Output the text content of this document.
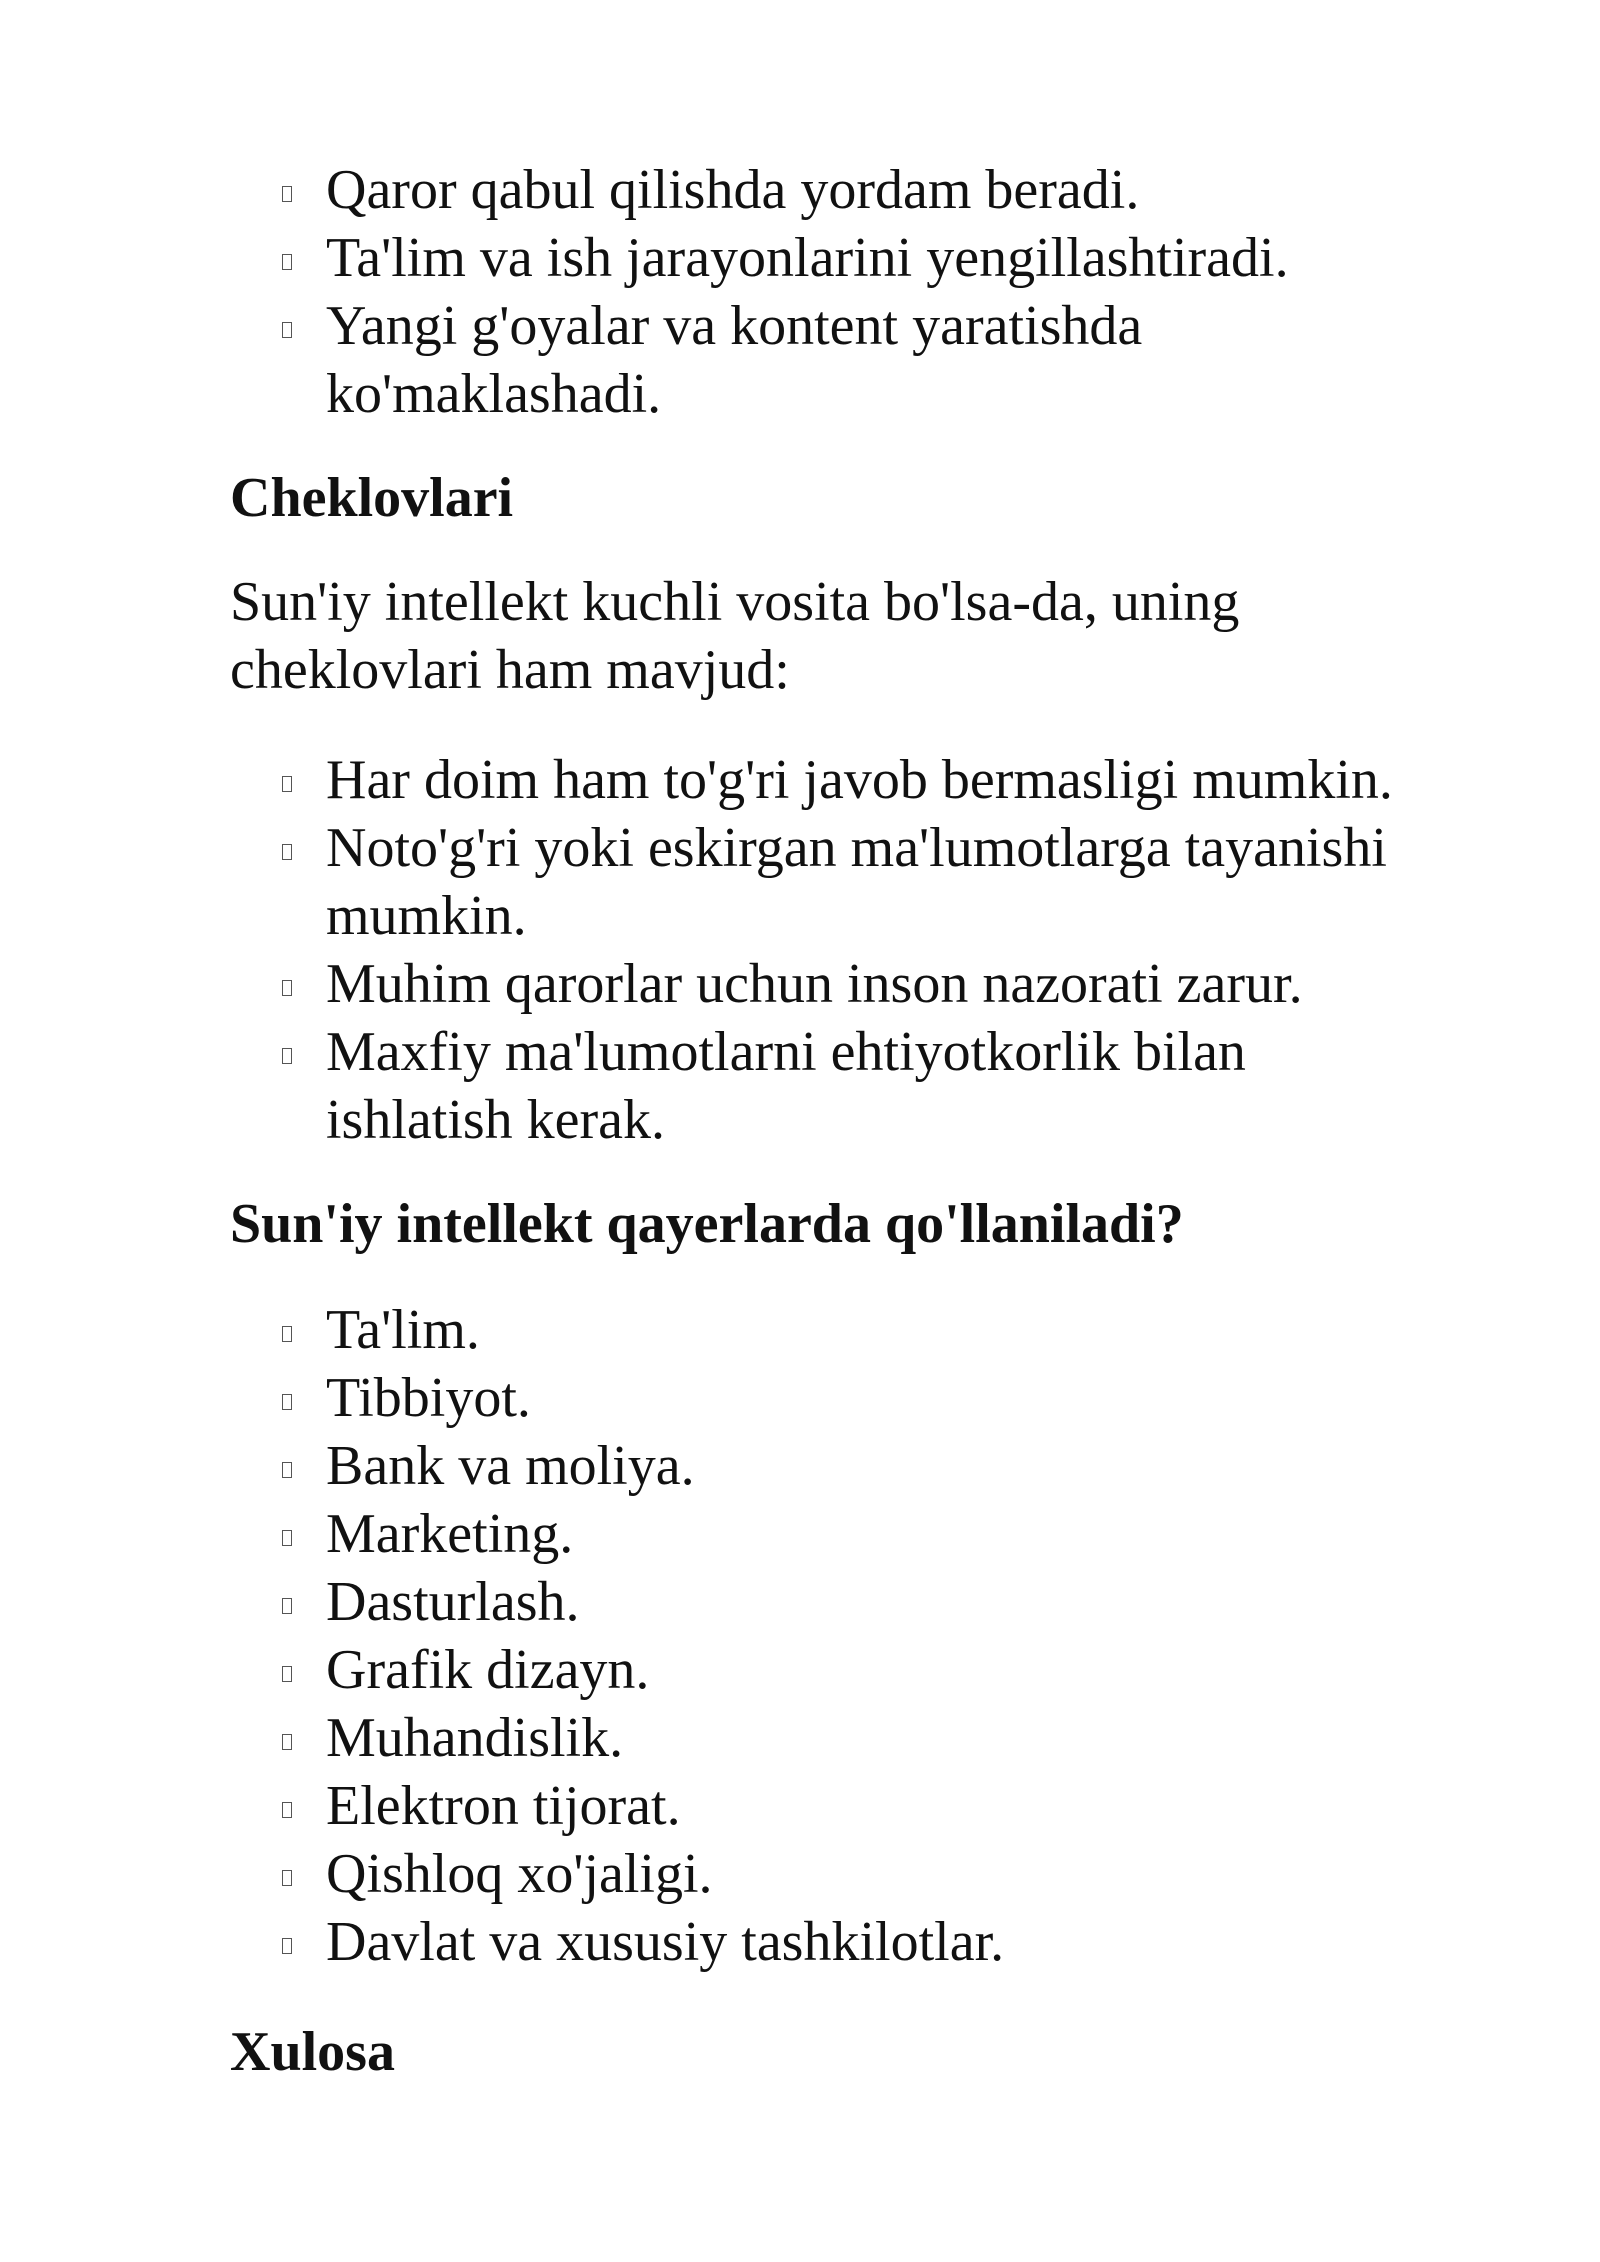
Qaror qabul qilishda yordam beradi.
Ta'lim va ish jarayonlarini yengillashtiradi.
Yangi g'oyalar va kontent yaratishda ko'maklashadi.
Cheklovlari

Sun'iy intellekt kuchli vosita bo'lsa-da, uning cheklovlari ham mavjud:

Har doim ham to'g'ri javob bermasligi mumkin.
Noto'g'ri yoki eskirgan ma'lumotlarga tayanishi mumkin.
Muhim qarorlar uchun inson nazorati zarur.
Maxfiy ma'lumotlarni ehtiyotkorlik bilan ishlatish kerak.
Sun'iy intellekt qayerlarda qo'llaniladi?
Ta'lim.
Tibbiyot.
Bank va moliya.
Marketing.
Dasturlash.
Grafik dizayn.
Muhandislik.
Elektron tijorat.
Qishloq xo'jaligi.
Davlat va xususiy tashkilotlar.
Xulosa
